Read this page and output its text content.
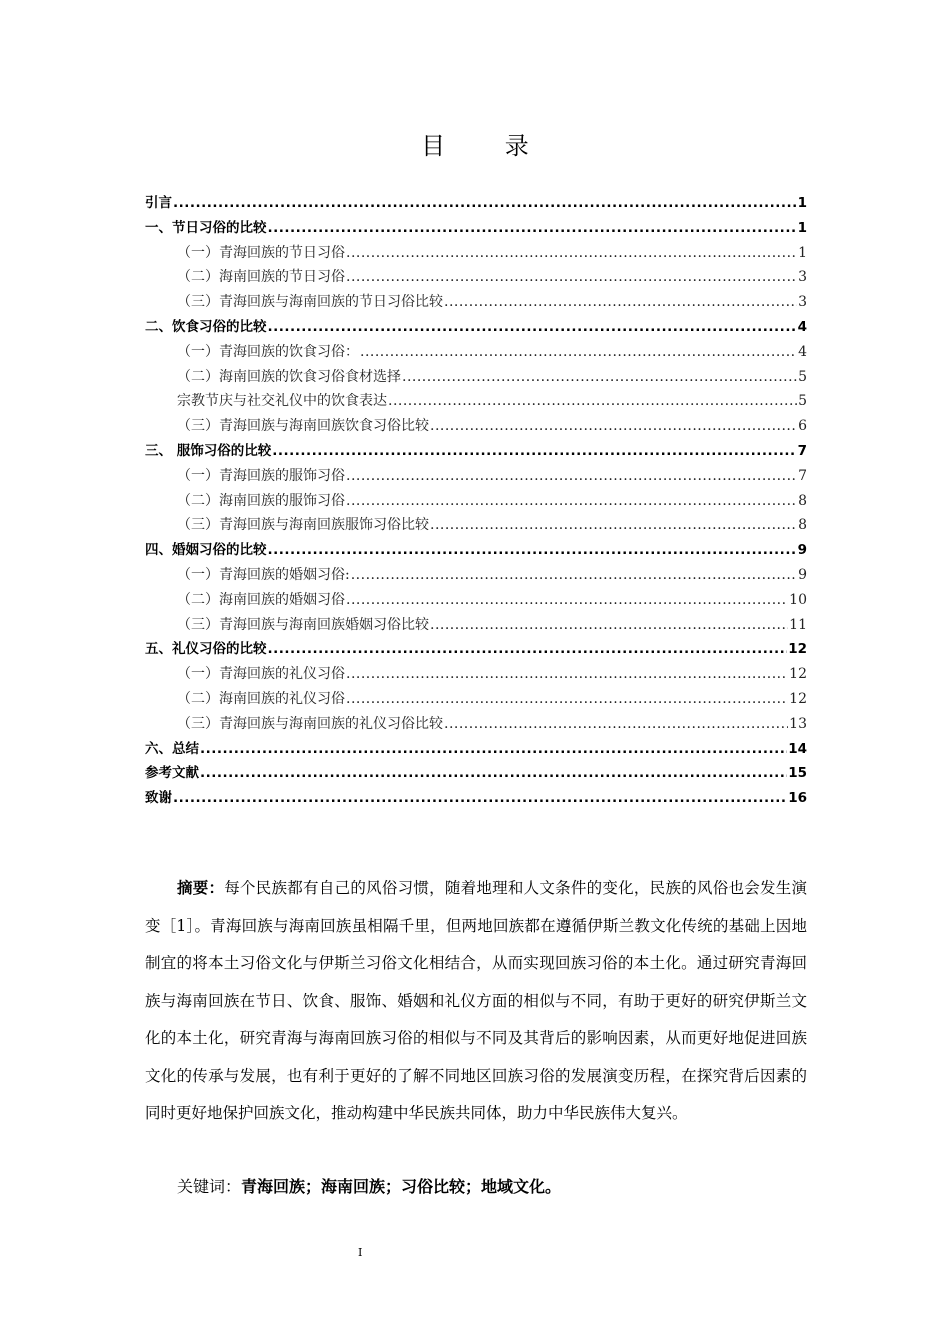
目 录
引言 .....	1
一、节日习俗的比较 .....	1
（一）青海回族的节日习俗 .....	1
（二）海南回族的节日习俗 .....	3
（三）青海回族与海南回族的节日习俗比较 .....	3
二、饮食习俗的比较 .....	4
（一）青海回族的饮食习俗： .....	4
（二）海南回族的饮食习俗食材选择 .....	5
宗教节庆与社交礼仪中的饮食表达 .....	5
（三）青海回族与海南回族饮食习俗比较 .....	6
三、 服饰习俗的比较 .....	7
（一）青海回族的服饰习俗 .....	7
（二）海南回族的服饰习俗 .....	8
（三）青海回族与海南回族服饰习俗比较 .....	8
四、婚姻习俗的比较 .....	9
（一）青海回族的婚姻习俗: .....	9
（二）海南回族的婚姻习俗 .....	10
（三）青海回族与海南回族婚姻习俗比较 .....	11
五、礼仪习俗的比较 .....	12
（一）青海回族的礼仪习俗 .....	12
（二）海南回族的礼仪习俗 .....	12
（三）青海回族与海南回族的礼仪习俗比较 .....	13
六、总结 .....	14
参考文献 .....	15
致谢 .....	16
摘要：每个民族都有自己的风俗习惯，随着地理和人文条件的变化，民族的风俗也会发生演变［1］。青海回族与海南回族虽相隔千里，但两地回族都在遵循伊斯兰教文化传统的基础上因地制宜的将本土习俗文化与伊斯兰习俗文化相结合，从而实现回族习俗的本土化。通过研究青海回族与海南回族在节日、饮食、服饰、婚姻和礼仪方面的相似与不同，有助于更好的研究伊斯兰文化的本土化，研究青海与海南回族习俗的相似与不同及其背后的影响因素，从而更好地促进回族文化的传承与发展，也有利于更好的了解不同地区回族习俗的发展演变历程，在探究背后因素的同时更好地保护回族文化，推动构建中华民族共同体，助力中华民族伟大复兴。
关键词：青海回族；海南回族；习俗比较；地域文化。
I
